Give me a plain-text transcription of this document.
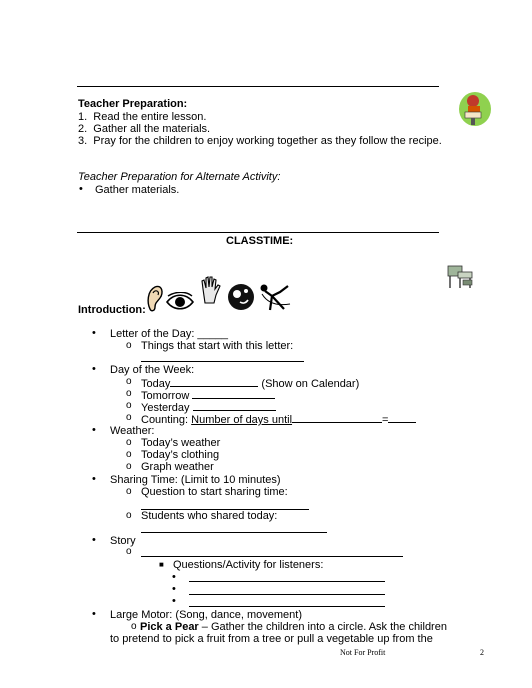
Teacher Preparation:
1.  Read the entire lesson.
2.  Gather all the materials.
3.  Pray for the children to enjoy working together as they follow the recipe.
Teacher Preparation for Alternate Activity:
• Gather materials.
CLASSTIME:
Introduction:
• Letter of the Day: _____
o Things that start with this letter:
• Day of the Week:
o Today	(Show on Calendar)
o Tomorrow
o Yesterday
o Counting: Number of days until	=
• Weather:
o Today’s weather
o Today’s clothing
o Graph weather
• Sharing Time: (Limit to 10 minutes)
o Question to start sharing time:
o Students who shared today:
• Story
o
■ Questions/Activity for listeners:
•
•
•
• Large Motor: (Song, dance, movement)
o Pick a Pear – Gather the children into a circle. Ask the children
to pretend to pick a fruit from a tree or pull a vegetable up from the
Not For Profit	2
